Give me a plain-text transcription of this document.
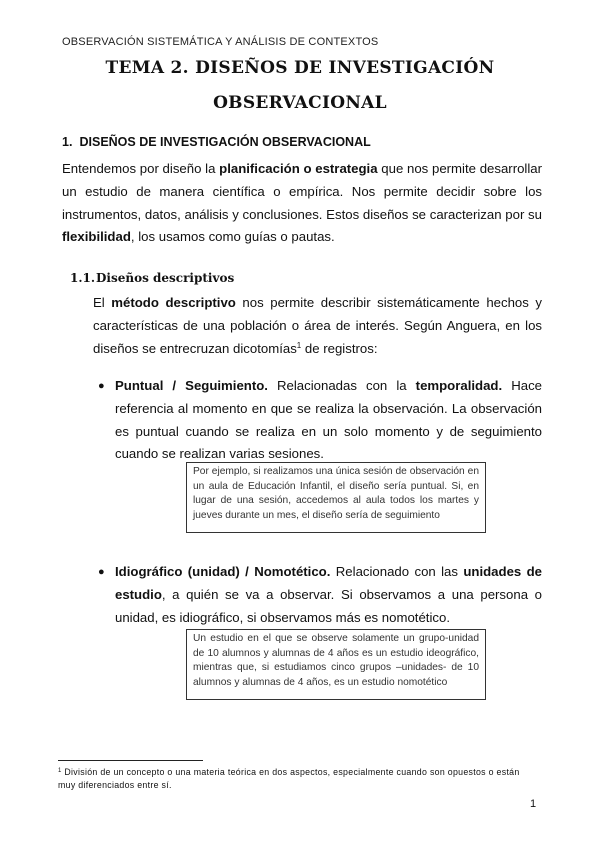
OBSERVACIÓN SISTEMÁTICA Y ANÁLISIS DE CONTEXTOS
TEMA 2. DISEÑOS DE INVESTIGACIÓN
OBSERVACIONAL
1. DISEÑOS DE INVESTIGACIÓN OBSERVACIONAL
Entendemos por diseño la planificación o estrategia que nos permite desarrollar un estudio de manera científica o empírica. Nos permite decidir sobre los instrumentos, datos, análisis y conclusiones. Estos diseños se caracterizan por su flexibilidad, los usamos como guías o pautas.
1.1.Diseños descriptivos
El método descriptivo nos permite describir sistemáticamente hechos y características de una población o área de interés. Según Anguera, en los diseños se entrecruzan dicotomías$^1$ de registros:
● Puntual / Seguimiento. Relacionadas con la temporalidad. Hace referencia al momento en que se realiza la observación. La observación es puntual cuando se realiza en un solo momento y de seguimiento cuando se realizan varias sesiones.
Por ejemplo, si realizamos una única sesión de observación en un aula de Educación Infantil, el diseño sería puntual. Si, en lugar de una sesión, accedemos al aula todos los martes y jueves durante un mes, el diseño sería de seguimiento
● Idiográfico (unidad) / Nomotético. Relacionado con las unidades de estudio, a quién se va a observar. Si observamos a una persona o unidad, es idiográfico, si observamos más es nomotético.
Un estudio en el que se observe solamente un grupo-unidad de 10 alumnos y alumnas de 4 años es un estudio ideográfico, mientras que, si estudiamos cinco grupos –unidades- de 10 alumnos y alumnas de 4 años, es un estudio nomotético
$^1$ División de un concepto o una materia teórica en dos aspectos, especialmente cuando son opuestos o están muy diferenciados entre sí.
1
